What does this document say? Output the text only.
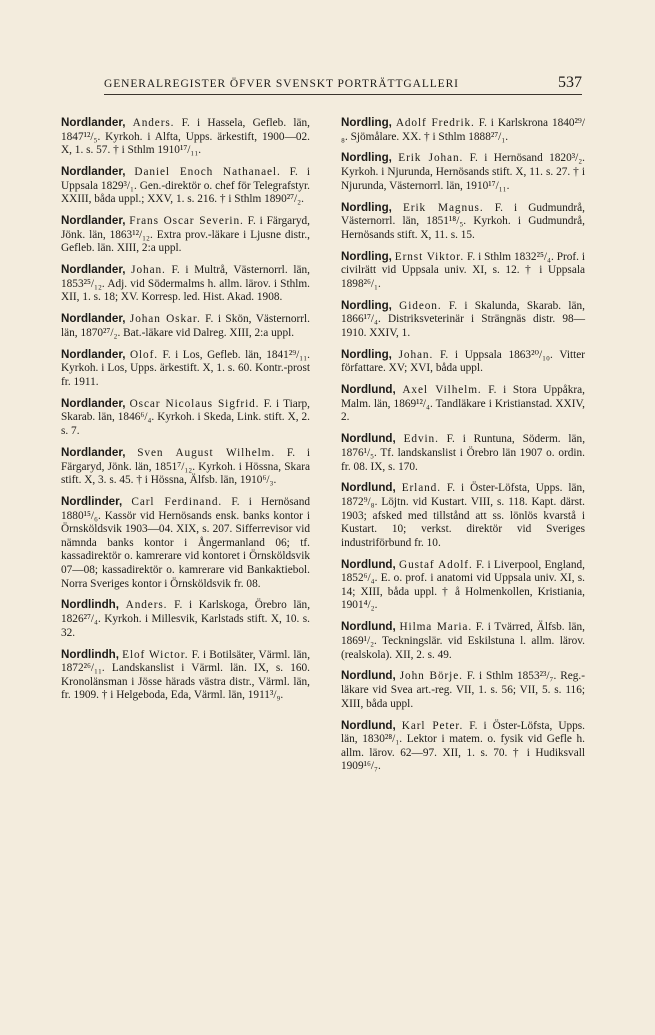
GENERALREGISTER ÖFVER SVENSKT PORTRÄTTGALLERI	537

Nordlander, Anders. F. i Hassela, Gefleb. län, 1847¹²/₅. Kyrkoh. i Alfta, Upps. ärkestift, 1900—02. X, 1. s. 57. † i Sthlm 1910¹⁷/₁₁.

Nordlander, Daniel Enoch Nathanael. F. i Uppsala 1829³/₁. Gen.-direktör o. chef för Telegrafstyr. XXIII, båda uppl.; XXV, 1. s. 216. † i Sthlm 1890²⁷/₂.

Nordlander, Frans Oscar Severin. F. i Färgaryd, Jönk. län, 1863¹²/₁₂. Extra prov.-läkare i Ljusne distr., Gefleb. län. XIII, 2:a uppl.

Nordlander, Johan. F. i Multrå, Västernorrl. län, 1853²⁵/₁₂. Adj. vid Södermalms h. allm. lärov. i Sthlm. XII, 1. s. 18; XV. Korresp. led. Hist. Akad. 1908.

Nordlander, Johan Oskar. F. i Skön, Västernorrl. län, 1870²⁷/₂. Bat.-läkare vid Dalreg. XIII, 2:a uppl.

Nordlander, Olof. F. i Los, Gefleb. län, 1841²⁹/₁₁. Kyrkoh. i Los, Upps. ärkestift. X, 1. s. 60. Kontr.-prost fr. 1911.

Nordlander, Oscar Nicolaus Sigfrid. F. i Tiarp, Skarab. län, 1846⁶/₄. Kyrkoh. i Skeda, Link. stift. X, 2. s. 7.

Nordlander, Sven August Wilhelm. F. i Färgaryd, Jönk. län, 1851⁷/₁₂. Kyrkoh. i Hössna, Skara stift. X, 3. s. 45. † i Hössna, Älfsb. län, 1910⁶/₃.

Nordlinder, Carl Ferdinand. F. i Hernösand 1880¹⁵/₆. Kassör vid Hernösands ensk. banks kontor i Örnsköldsvik 1903—04. XIX, s. 207. Sifferrevisor vid nämnda banks kontor i Ångermanland 06; tf. kassadirektör o. kamrerare vid kontoret i Örnsköldsvik 07—08; kassadirektör o. kamrerare vid Bankaktiebol. Norra Sveriges kontor i Örnsköldsvik fr. 08.

Nordlindh, Anders. F. i Karlskoga, Örebro län, 1826²⁷/₄. Kyrkoh. i Millesvik, Karlstads stift. X, 10. s. 32.

Nordlindh, Elof Wictor. F. i Botilsäter, Värml. län, 1872²⁶/₁₁. Landskanslist i Värml. län. IX, s. 160. Kronolänsman i Jösse härads västra distr., Värml. län, fr. 1909. † i Helgeboda, Eda, Värml. län, 1911³/₉.

Nordling, Adolf Fredrik. F. i Karlskrona 1840²⁹/₈. Sjömålare. XX. † i Sthlm 1888²⁷/₁.

Nordling, Erik Johan. F. i Hernösand 1820³/₂. Kyrkoh. i Njurunda, Hernösands stift. X, 11. s. 27. † i Njurunda, Västernorrl. län, 1910¹⁷/₁₁.

Nordling, Erik Magnus. F. i Gudmundrå, Västernorrl. län, 1851¹⁸/₅. Kyrkoh. i Gudmundrå, Hernösands stift. X, 11. s. 15.

Nordling, Ernst Viktor. F. i Sthlm 1832²⁵/₄. Prof. i civilrätt vid Uppsala univ. XI, s. 12. † i Uppsala 1898²⁶/₁.

Nordling, Gideon. F. i Skalunda, Skarab. län, 1866¹⁷/₄. Distriksveterinär i Strängnäs distr. 98—1910. XXIV, 1.

Nordling, Johan. F. i Uppsala 1863²⁰/₁₀. Vitter författare. XV; XVI, båda uppl.

Nordlund, Axel Vilhelm. F. i Stora Uppåkra, Malm. län, 1869¹²/₄. Tandläkare i Kristianstad. XXIV, 2.

Nordlund, Edvin. F. i Runtuna, Söderm. län, 1876¹/₅. Tf. landskanslist i Örebro län 1907 o. ordin. fr. 08. IX, s. 170.

Nordlund, Erland. F. i Öster-Löfsta, Upps. län, 1872⁹/₈. Löjtn. vid Kustart. VIII, s. 118. Kapt. därst. 1903; afsked med tillstånd att ss. lönlös kvarstå i Kustart. 10; verkst. direktör vid Sveriges industriförbund fr. 10.

Nordlund, Gustaf Adolf. F. i Liverpool, England, 1852⁶/₄. E. o. prof. i anatomi vid Uppsala univ. XI, s. 14; XIII, båda uppl. † å Holmenkollen, Kristiania, 1901⁴/₂.

Nordlund, Hilma Maria. F. i Tvärred, Älfsb. län, 1869¹/₂. Teckningslär. vid Eskilstuna l. allm. lärov. (realskola). XII, 2. s. 49.

Nordlund, John Börje. F. i Sthlm 1853²³/₇. Reg.-läkare vid Svea art.-reg. VII, 1. s. 56; VII, 5. s. 116; XIII, båda uppl.

Nordlund, Karl Peter. F. i Öster-Löfsta, Upps. län, 1830²⁸/₁. Lektor i matem. o. fysik vid Gefle h. allm. lärov. 62—97. XII, 1. s. 70. † i Hudiksvall 1909¹⁶/₇.
